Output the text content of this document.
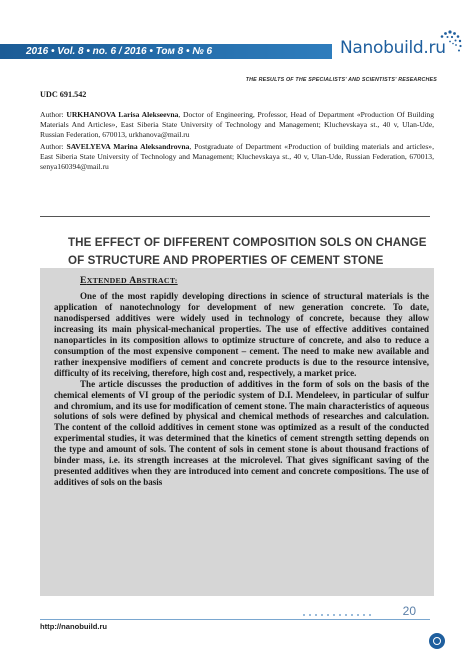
2016 • Vol. 8 • no. 6 / 2016 • Том 8 • № 6	Nanobuild.ru
THE RESULTS OF THE SPECIALISTS' AND SCIENTISTS' RESEARCHES
UDC 691.542

Author: URKHANOVA Larisa Alekseevna, Doctor of Engineering, Professor, Head of Department «Production Of Building Materials And Articles», East Siberia State University of Technology and Management; Kluchevskaya st., 40 v, Ulan-Ude, Russian Federation, 670013, urkhanova@mail.ru

Author: SAVELYEVA Marina Aleksandrovna, Postgraduate of Department «Production of building materials and articles», East Siberia State University of Technology and Management; Kluchevskaya st., 40 v, Ulan-Ude, Russian Federation, 670013, senya160394@mail.ru

THE EFFECT OF DIFFERENT COMPOSITION SOLS ON CHANGE OF STRUCTURE AND PROPERTIES OF CEMENT STONE
EXTENDED ABSTRACT:

One of the most rapidly developing directions in science of structural materials is the application of nanotechnology for development of new generation concrete. To date, nanodispersed additives were widely used in technology of concrete, because they allow increasing its main physical-mechanical properties. The use of effective additives contained nanoparticles in its composition allows to optimize structure of concrete, and also to reduce a consumption of the most expensive component – cement. The need to make new available and rather inexpensive modifiers of cement and concrete products is due to the resource intensive, difficulty of its receiving, therefore, high cost and, respectively, a market price.

The article discusses the production of additives in the form of sols on the basis of the chemical elements of VI group of the periodic system of D.I. Mendeleev, in particular of sulfur and chromium, and its use for modification of cement stone. The main characteristics of aqueous solutions of sols were defined by physical and chemical methods of researches and calculation. The content of the colloid additives in cement stone was optimized as a result of the conducted experimental studies, it was determined that the kinetics of cement strength setting depends on the type and amount of sols. The content of sols in cement stone is about thousand fractions of binder mass, i.e. its strength increases at the microlevel. That gives significant saving of the presented additives when they are introduced into cement and concrete compositions. The use of additives of sols on the basis

20
http://nanobuild.ru
